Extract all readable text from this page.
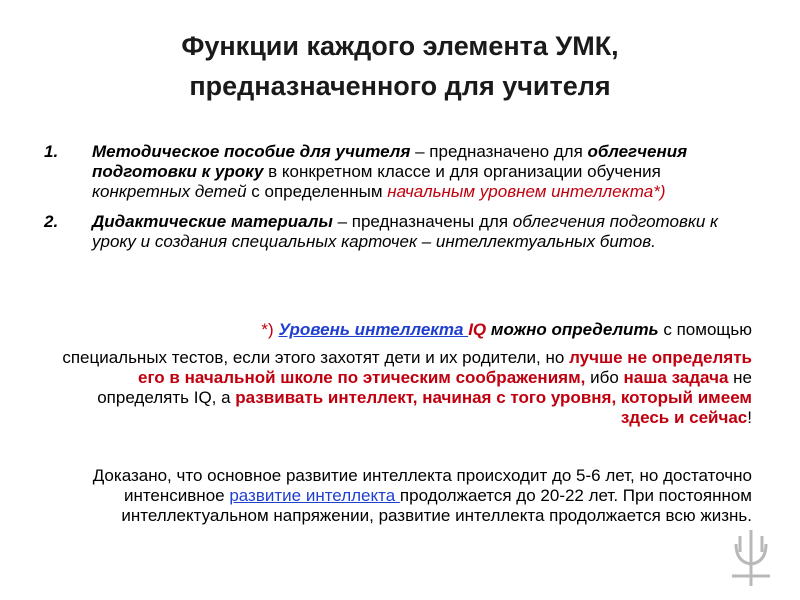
Функции каждого элемента УМК,
предназначенного для учителя
1. Методическое пособие для учителя – предназначено для облегчения подготовки к уроку в конкретном классе и для организации обучения конкретных детей с определенным начальным уровнем интеллекта*)
2. Дидактические материалы – предназначены для облегчения подготовки к уроку и создания специальных карточек – интеллектуальных битов.
*) Уровень интеллекта IQ можно определить с помощью
специальных тестов, если этого захотят дети и их родители, но лучше не определять его в начальной школе по этическим соображениям, ибо наша задача не определять IQ, а развивать интеллект, начиная с того уровня, который имеем здесь и сейчас!
Доказано, что основное развитие интеллекта происходит до 5-6 лет, но достаточно интенсивное развитие интеллекта продолжается до 20-22 лет. При постоянном интеллектуальном напряжении, развитие интеллекта продолжается всю жизнь.
